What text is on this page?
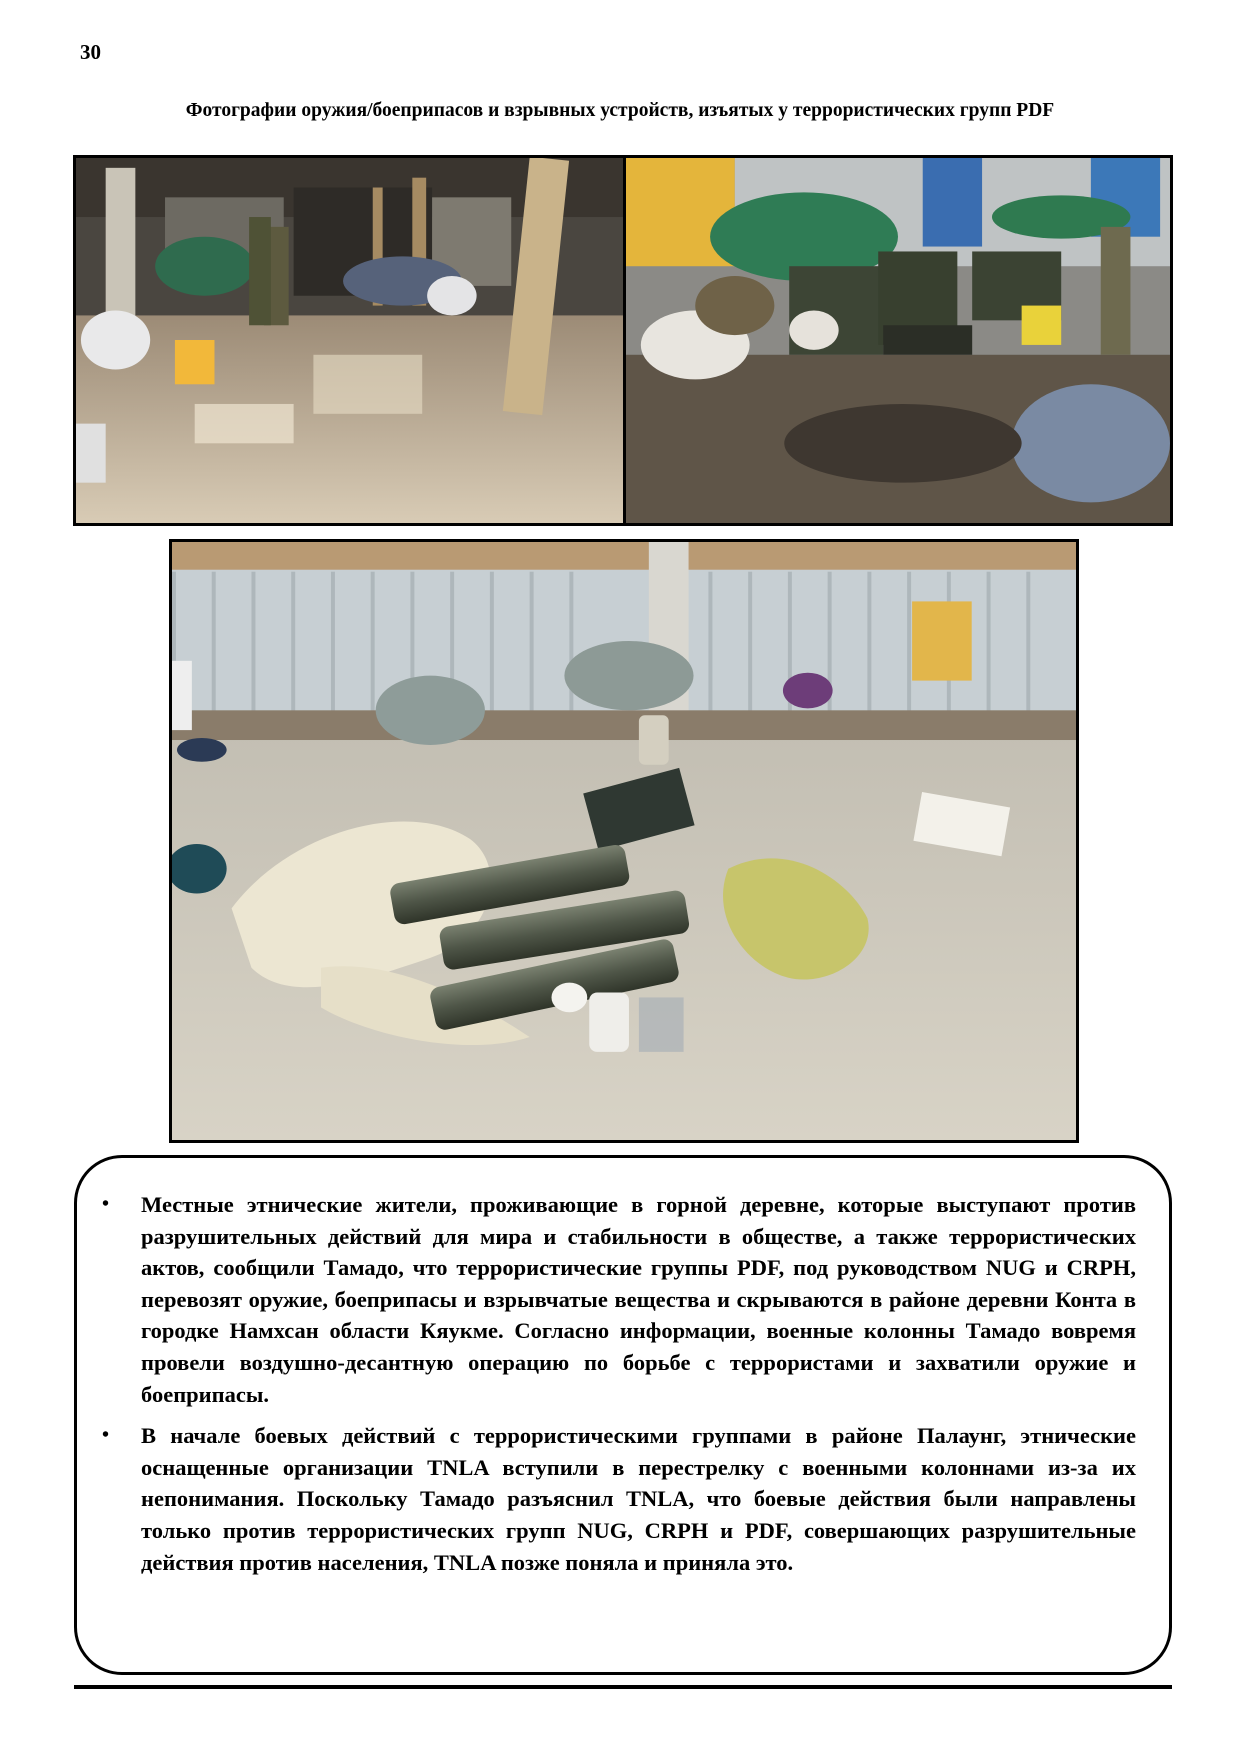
30
Фотографии оружия/боеприпасов и взрывных устройств, изъятых у террористических групп PDF
• Местные этнические жители, проживающие в горной деревне, которые выступают против разрушительных действий для мира и стабильности в обществе, а также террористических актов, сообщили Тамадо, что террористические группы PDF, под руководством NUG и CRPH, перевозят оружие, боеприпасы и взрывчатые вещества и скрываются в районе деревни Конта в городке Намхсан области Кяукме. Согласно информации, военные колонны Тамадо вовремя провели воздушно-десантную операцию по борьбе с террористами и захватили оружие и боеприпасы.
• В начале боевых действий с террористическими группами в районе Палаунг, этнические оснащенные организации TNLA вступили в перестрелку с военными колоннами из-за их непонимания. Поскольку Тамадо разъяснил TNLA, что боевые действия были направлены только против террористических групп NUG, CRPH и PDF, совершающих разрушительные действия против населения, TNLA позже поняла и приняла это.
